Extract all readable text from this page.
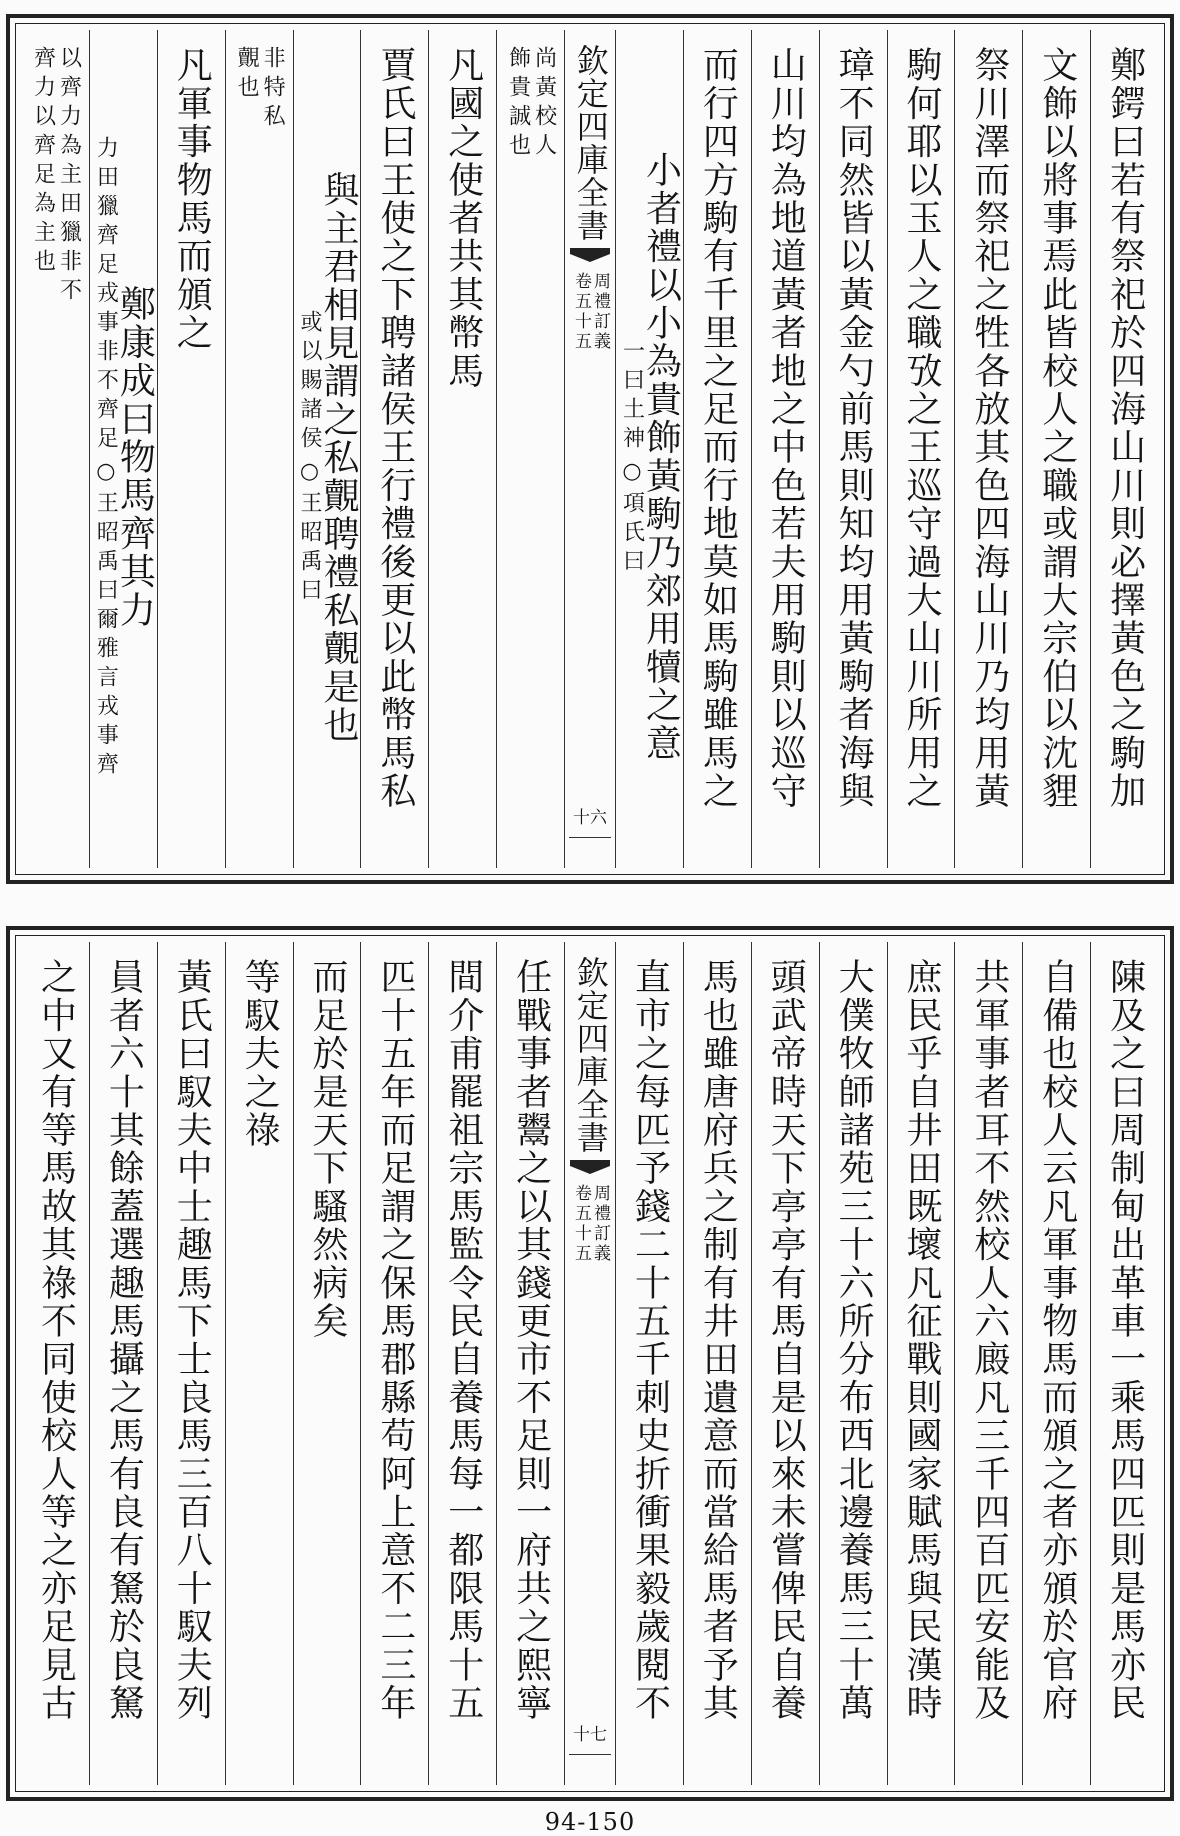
鄭鍔曰若有祭祀於四海山川則必擇黃色之駒加
文飾以將事焉此皆校人之職或謂大宗伯以沈貍
祭川澤而祭祀之牲各放其色四海山川乃均用黃
駒何耶以玉人之職攷之王巡守過大山川所用之
璋不同然皆以黃金勺前馬則知均用黃駒者海與
山川均為地道黃者地之中色若夫用駒則以巡守
而行四方駒有千里之足而行地莫如馬駒雖馬之
小者禮以小為貴飾黃駒乃郊用犢之意
○項氏曰
一曰土神
欽定四庫全書
周禮訂義
卷五十五
十六
尚黃校人
飾貴誠也
凡國之使者共其幣馬
賈氏曰王使之下聘諸侯王行禮後更以此幣馬私
與主君相見謂之私覿聘禮私覿是也
○王昭禹曰
或以賜諸侯
非特私
覿也
凡軍事物馬而頒之
鄭康成曰物馬齊其力
○王昭禹曰爾雅言戎事齊
力田獵齊足戎事非不齊足
以齊力為主田獵非不
齊力以齊足為主也
陳及之曰周制甸出革車一乘馬四匹則是馬亦民
自備也校人云凡軍事物馬而頒之者亦頒於官府
共軍事者耳不然校人六廄凡三千四百匹安能及
庶民乎自井田既壞凡征戰則國家賦馬與民漢時
大僕牧師諸苑三十六所分布西北邊養馬三十萬
頭武帝時天下亭亭有馬自是以來未嘗俾民自養
馬也雖唐府兵之制有井田遺意而當給馬者予其
直市之每匹予錢二十五千刺史折衝果毅歲閱不
欽定四庫全書
周禮訂義
卷五十五
十七
任戰事者鬻之以其錢更市不足則一府共之熙寧
間介甫罷祖宗馬監令民自養馬每一都限馬十五
匹十五年而足謂之保馬郡縣苟阿上意不二三年
而足於是天下騷然病矣
等馭夫之祿
黃氏曰馭夫中士趣馬下士良馬三百八十馭夫列
員者六十其餘蓋選趣馬攝之馬有良有駑於良駑
之中又有等馬故其祿不同使校人等之亦足見古
94-150
